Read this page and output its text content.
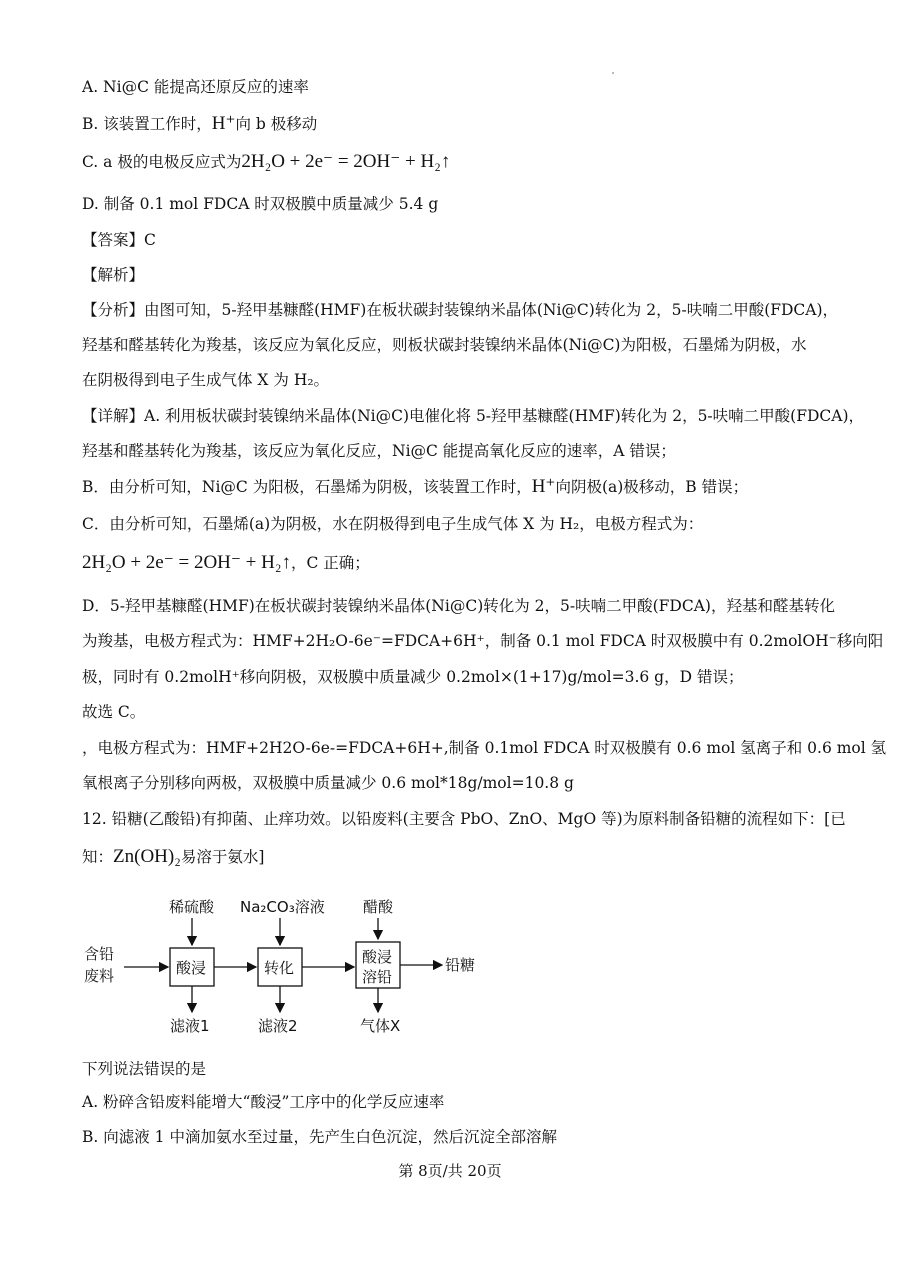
A. Ni@C 能提高还原反应的速率
B. 该装置工作时，H⁺向 b 极移动
C. a 极的电极反应式为2H₂O + 2e⁻ = 2OH⁻ + H₂↑
D. 制备 0.1 mol FDCA 时双极膜中质量减少 5.4 g
【答案】C
【解析】
【分析】由图可知，5-羟甲基糠醛(HMF)在板状碳封装镍纳米晶体(Ni@C)转化为 2，5-呋喃二甲酸(FDCA)，
羟基和醛基转化为羧基，该反应为氧化反应，则板状碳封装镍纳米晶体(Ni@C)为阳极，石墨烯为阴极，水
在阴极得到电子生成气体 X 为 H₂。
【详解】A. 利用板状碳封装镍纳米晶体(Ni@C)电催化将 5-羟甲基糠醛(HMF)转化为 2，5-呋喃二甲酸(FDCA)，
羟基和醛基转化为羧基，该反应为氧化反应，Ni@C 能提高氧化反应的速率，A 错误；
B．由分析可知，Ni@C 为阳极，石墨烯为阴极，该装置工作时，H⁺向阴极(a)极移动，B 错误；
C．由分析可知，石墨烯(a)为阴极，水在阴极得到电子生成气体 X 为 H₂，电极方程式为：
2H₂O + 2e⁻ = 2OH⁻ + H₂↑，C 正确；
D．5-羟甲基糠醛(HMF)在板状碳封装镍纳米晶体(Ni@C)转化为 2，5-呋喃二甲酸(FDCA)，羟基和醛基转化
为羧基，电极方程式为：HMF+2H₂O-6e⁻=FDCA+6H⁺，制备 0.1 mol FDCA 时双极膜中有 0.2molOH⁻移向阳
极，同时有 0.2molH⁺移向阴极，双极膜中质量减少 0.2mol×(1+17)g/mol=3.6 g，D 错误；
故选 C。
，电极方程式为：HMF+2H2O-6e-=FDCA+6H+,制备 0.1mol FDCA 时双极膜有 0.6 mol 氢离子和 0.6 mol 氢
氧根离子分别移向两极，双极膜中质量减少 0.6 mol*18g/mol=10.8 g
12. 铅糖(乙酸铅)有抑菌、止痒功效。以铅废料(主要含 PbO、ZnO、MgO 等)为原料制备铅糖的流程如下：[已
知：Zn(OH)₂易溶于氨水]
含铅
废料	酸浸
稀硫酸
滤液1
转化
Na₂CO₃溶液
滤液2
酸浸
溶铅
醋酸
气体X
铅糖
下列说法错误的是
A. 粉碎含铅废料能增大“酸浸”工序中的化学反应速率
B. 向滤液 1 中滴加氨水至过量，先产生白色沉淀，然后沉淀全部溶解
第 8页/共 20页
